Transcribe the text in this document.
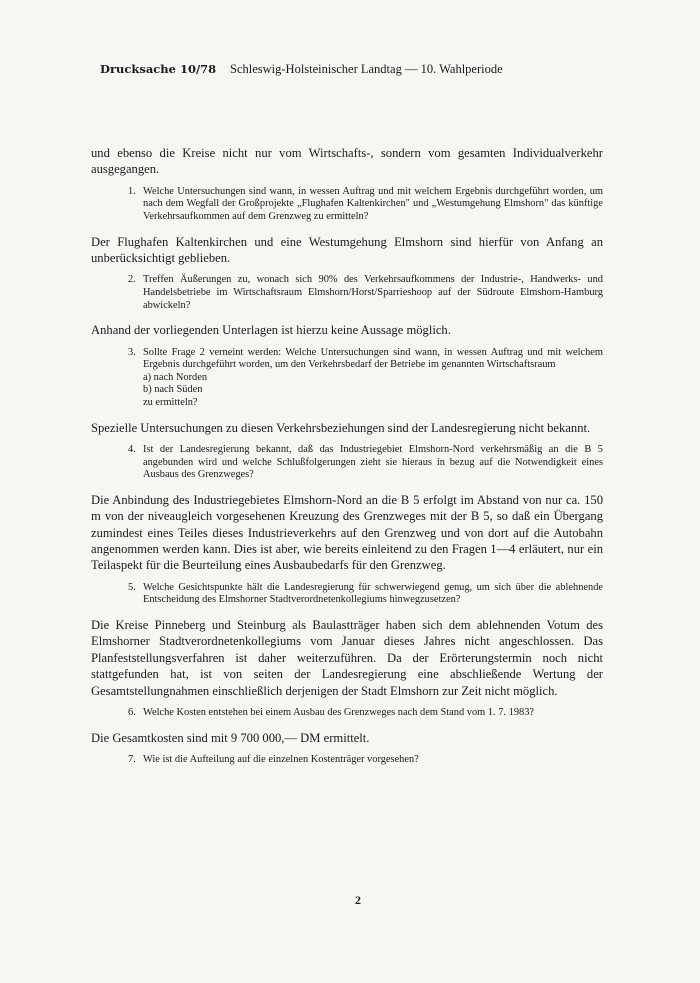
Drucksache 10/78 Schleswig-Holsteinischer Landtag — 10. Wahlperiode
und ebenso die Kreise nicht nur vom Wirtschafts-, sondern vom gesamten Individualverkehr ausgegangen.
1. Welche Untersuchungen sind wann, in wessen Auftrag und mit welchem Ergebnis durchgeführt worden, um nach dem Wegfall der Großprojekte „Flughafen Kaltenkirchen" und „Westumgehung Elmshorn" das künftige Verkehrsaufkommen auf dem Grenzweg zu ermitteln?
Der Flughafen Kaltenkirchen und eine Westumgehung Elmshorn sind hierfür von Anfang an unberücksichtigt geblieben.
2. Treffen Äußerungen zu, wonach sich 90% des Verkehrsaufkommens der Industrie-, Handwerks- und Handelsbetriebe im Wirtschaftsraum Elmshorn/Horst/Sparrieshoop auf der Südroute Elmshorn-Hamburg abwickeln?
Anhand der vorliegenden Unterlagen ist hierzu keine Aussage möglich.
3. Sollte Frage 2 verneint werden: Welche Untersuchungen sind wann, in wessen Auftrag und mit welchem Ergebnis durchgeführt worden, um den Verkehrsbedarf der Betriebe im genannten Wirtschaftsraum
a) nach Norden
b) nach Süden
zu ermitteln?
Spezielle Untersuchungen zu diesen Verkehrsbeziehungen sind der Landesregierung nicht bekannt.
4. Ist der Landesregierung bekannt, daß das Industriegebiet Elmshorn-Nord verkehrsmäßig an die B 5 angebunden wird und welche Schlußfolgerungen zieht sie hieraus in bezug auf die Notwendigkeit eines Ausbaus des Grenzweges?
Die Anbindung des Industriegebietes Elmshorn-Nord an die B 5 erfolgt im Abstand von nur ca. 150 m von der niveaugleich vorgesehenen Kreuzung des Grenzweges mit der B 5, so daß ein Übergang zumindest eines Teiles dieses Industrieverkehrs auf den Grenzweg und von dort auf die Autobahn angenommen werden kann. Dies ist aber, wie bereits einleitend zu den Fragen 1—4 erläutert, nur ein Teilaspekt für die Beurteilung eines Ausbaubedarfs für den Grenzweg.
5. Welche Gesichtspunkte hält die Landesregierung für schwerwiegend genug, um sich über die ablehnende Entscheidung des Elmshorner Stadtverordnetenkollegiums hinwegzusetzen?
Die Kreise Pinneberg und Steinburg als Baulastträger haben sich dem ablehnenden Votum des Elmshorner Stadtverordnetenkollegiums vom Januar dieses Jahres nicht angeschlossen. Das Planfeststellungsverfahren ist daher weiterzuführen. Da der Erörterungstermin noch nicht stattgefunden hat, ist von seiten der Landesregierung eine abschließende Wertung der Gesamtstellungnahmen einschließlich derjenigen der Stadt Elmshorn zur Zeit nicht möglich.
6. Welche Kosten entstehen bei einem Ausbau des Grenzweges nach dem Stand vom 1. 7. 1983?
Die Gesamtkosten sind mit 9 700 000,— DM ermittelt.
7. Wie ist die Aufteilung auf die einzelnen Kostenträger vorgesehen?
2
